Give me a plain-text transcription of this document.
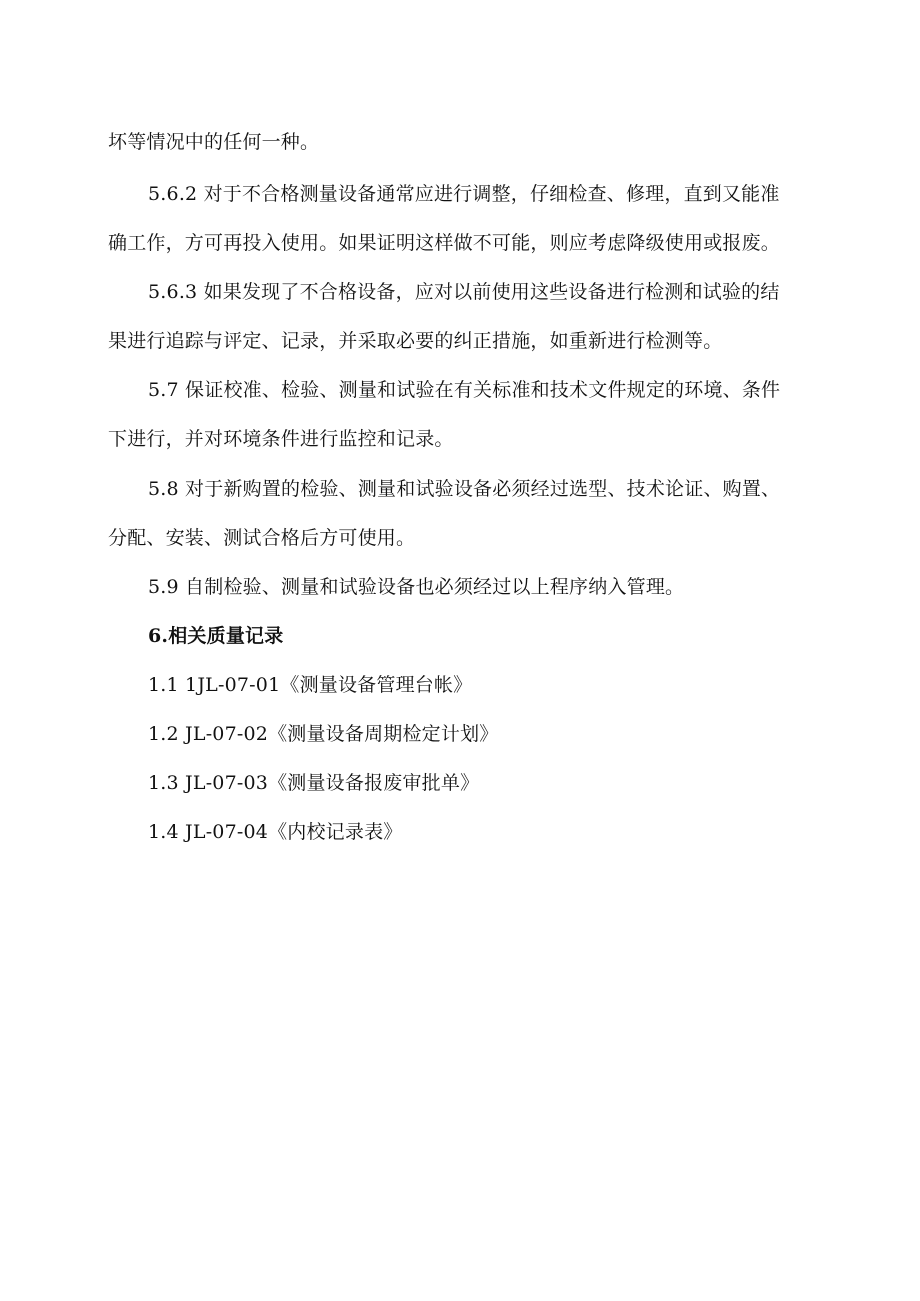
坏等情况中的任何一种。
5.6.2 对于不合格测量设备通常应进行调整，仔细检查、修理，直到又能准
确工作，方可再投入使用。如果证明这样做不可能，则应考虑降级使用或报废。
5.6.3 如果发现了不合格设备，应对以前使用这些设备进行检测和试验的结
果进行追踪与评定、记录，并采取必要的纠正措施，如重新进行检测等。
5.7 保证校准、检验、测量和试验在有关标准和技术文件规定的环境、条件
下进行，并对环境条件进行监控和记录。
5.8 对于新购置的检验、测量和试验设备必须经过选型、技术论证、购置、
分配、安装、测试合格后方可使用。
5.9 自制检验、测量和试验设备也必须经过以上程序纳入管理。
6.相关质量记录
1.1 1JL-07-01《测量设备管理台帐》
1.2 JL-07-02《测量设备周期检定计划》
1.3 JL-07-03《测量设备报废审批单》
1.4 JL-07-04《内校记录表》
